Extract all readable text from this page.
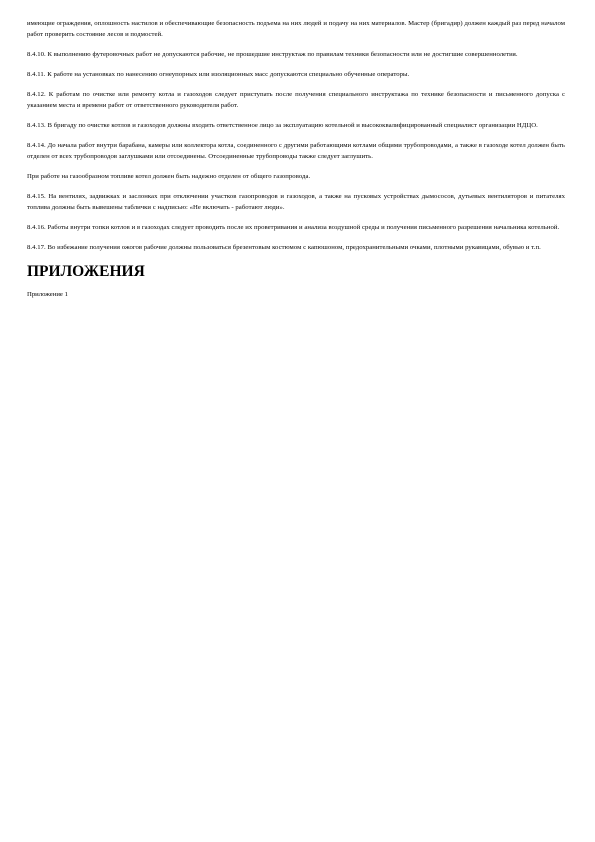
имеющие ограждения, оплошность настилов и обеспечивающие безопасность подъема на них людей и подачу на них материалов. Мастер (бригадир) должен каждый раз перед началом работ проверить состояние лесов и подмостей.

8.4.10. К выполнению футеровочных работ не допускаются рабочие, не прошедшие инструктаж по правилам техники безопасности или не достигшие совершеннолетия.

8.4.11. К работе на установках по нанесению огнеупорных или изоляционных масс допускаются специально обученные операторы.

8.4.12. К работам по очистке или ремонту котла и газоходов следует приступать после получения специального инструктажа по технике безопасности и письменного допуска с указанием места и времени работ от ответственного руководителя работ.

8.4.13. В бригаду по очистке котлов и газоходов должны входить ответственное лицо за эксплуатацию котельной и высококвалифицированный специалист организации НДЦО.

8.4.14. До начала работ внутри барабана, камеры или коллектора котла, соединенного с другими работающими котлами общими трубопроводами, а также в газоходе котел должен быть отделен от всех трубопроводов заглушками или отсоединены. Отсоединенные трубопроводы также следует заглушить.

При работе на газообразном топливе котел должен быть надежно отделен от общего газопровода.

8.4.15. На вентилях, задвижках и заслонках при отключении участков газопроводов и газоходов, а также на пусковых устройствах дымососов, дутьевых вентиляторов и питателях топлива должны быть вывешены таблички с надписью: «Не включать - работают люди».

8.4.16. Работы внутри топки котлов и в газоходах следует проводить после их проветривания и анализа воздушной среды и получения письменного разрешения начальника котельной.

8.4.17. Во избежание получения ожогов рабочие должны пользоваться брезентовым костюмом с капюшоном, предохранительными очками, плотными рукавицами, обувью и т.п.

ПРИЛОЖЕНИЯ

Приложение 1
